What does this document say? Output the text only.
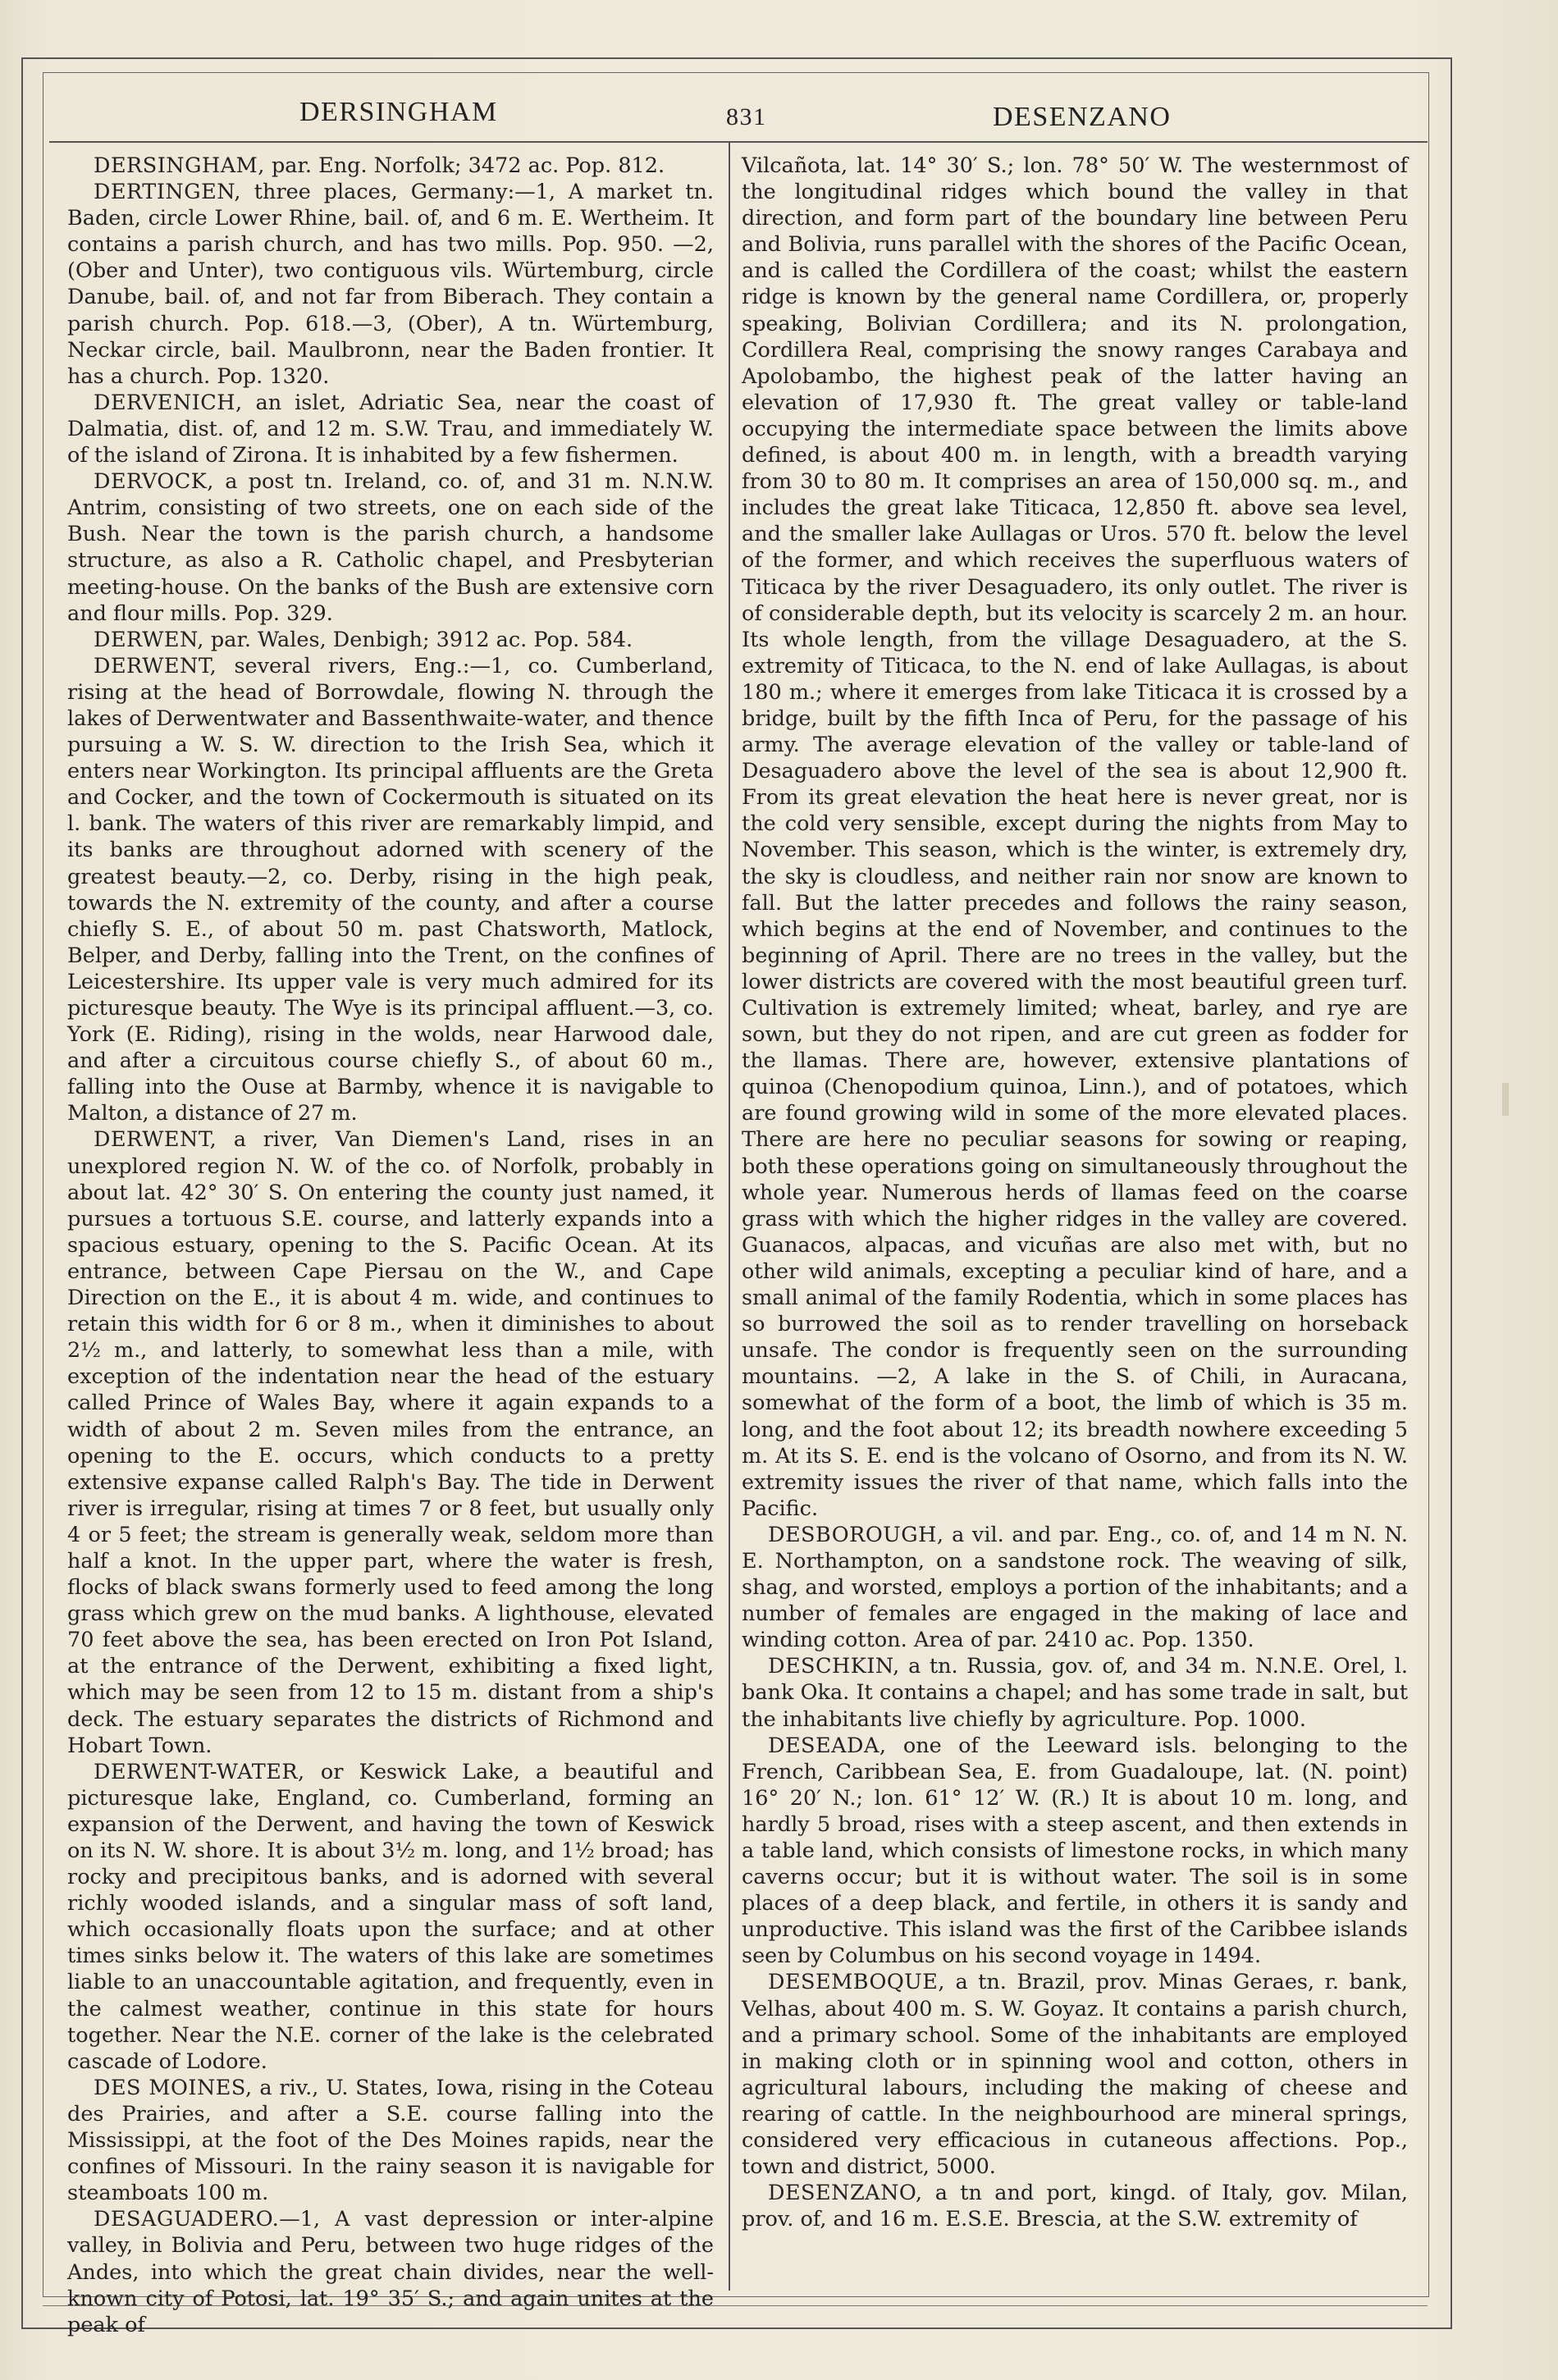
DERSINGHAM	831	DESENZANO

DERSINGHAM, par. Eng. Norfolk; 3472 ac. Pop. 812.

DERTINGEN, three places, Germany:—1, A market tn. Baden, circle Lower Rhine, bail. of, and 6 m. E. Wertheim. It contains a parish church, and has two mills. Pop. 950. —2, (Ober and Unter), two contiguous vils. Würtemburg, circle Danube, bail. of, and not far from Biberach. They contain a parish church. Pop. 618.—3, (Ober), A tn. Würtemburg, Neckar circle, bail. Maulbronn, near the Baden frontier. It has a church. Pop. 1320.

DERVENICH, an islet, Adriatic Sea, near the coast of Dalmatia, dist. of, and 12 m. S.W. Trau, and immediately W. of the island of Zirona. It is inhabited by a few fishermen.

DERVOCK, a post tn. Ireland, co. of, and 31 m. N.N.W. Antrim, consisting of two streets, one on each side of the Bush. Near the town is the parish church, a handsome structure, as also a R. Catholic chapel, and Presbyterian meeting-house. On the banks of the Bush are extensive corn and flour mills. Pop. 329.

DERWEN, par. Wales, Denbigh; 3912 ac. Pop. 584.

DERWENT, several rivers, Eng.:—1, co. Cumberland, rising at the head of Borrowdale, flowing N. through the lakes of Derwentwater and Bassenthwaite-water, and thence pursuing a W. S. W. direction to the Irish Sea, which it enters near Workington. Its principal affluents are the Greta and Cocker, and the town of Cockermouth is situated on its l. bank. The waters of this river are remarkably limpid, and its banks are throughout adorned with scenery of the greatest beauty.—2, co. Derby, rising in the high peak, towards the N. extremity of the county, and after a course chiefly S. E., of about 50 m. past Chatsworth, Matlock, Belper, and Derby, falling into the Trent, on the confines of Leicestershire. Its upper vale is very much admired for its picturesque beauty. The Wye is its principal affluent.—3, co. York (E. Riding), rising in the wolds, near Harwood dale, and after a circuitous course chiefly S., of about 60 m., falling into the Ouse at Barmby, whence it is navigable to Malton, a distance of 27 m.

DERWENT, a river, Van Diemen's Land, rises in an unexplored region N. W. of the co. of Norfolk, probably in about lat. 42° 30′ S. On entering the county just named, it pursues a tortuous S.E. course, and latterly expands into a spacious estuary, opening to the S. Pacific Ocean. At its entrance, between Cape Piersau on the W., and Cape Direction on the E., it is about 4 m. wide, and continues to retain this width for 6 or 8 m., when it diminishes to about 2½ m., and latterly, to somewhat less than a mile, with exception of the indentation near the head of the estuary called Prince of Wales Bay, where it again expands to a width of about 2 m. Seven miles from the entrance, an opening to the E. occurs, which conducts to a pretty extensive expanse called Ralph's Bay. The tide in Derwent river is irregular, rising at times 7 or 8 feet, but usually only 4 or 5 feet; the stream is generally weak, seldom more than half a knot. In the upper part, where the water is fresh, flocks of black swans formerly used to feed among the long grass which grew on the mud banks. A lighthouse, elevated 70 feet above the sea, has been erected on Iron Pot Island, at the entrance of the Derwent, exhibiting a fixed light, which may be seen from 12 to 15 m. distant from a ship's deck. The estuary separates the districts of Richmond and Hobart Town.

DERWENT-WATER, or Keswick Lake, a beautiful and picturesque lake, England, co. Cumberland, forming an expansion of the Derwent, and having the town of Keswick on its N. W. shore. It is about 3½ m. long, and 1½ broad; has rocky and precipitous banks, and is adorned with several richly wooded islands, and a singular mass of soft land, which occasionally floats upon the surface; and at other times sinks below it. The waters of this lake are sometimes liable to an unaccountable agitation, and frequently, even in the calmest weather, continue in this state for hours together. Near the N.E. corner of the lake is the celebrated cascade of Lodore.

DES MOINES, a riv., U. States, Iowa, rising in the Coteau des Prairies, and after a S.E. course falling into the Mississippi, at the foot of the Des Moines rapids, near the confines of Missouri. In the rainy season it is navigable for steamboats 100 m.

DESAGUADERO.—1, A vast depression or inter-alpine valley, in Bolivia and Peru, between two huge ridges of the Andes, into which the great chain divides, near the well-known city of Potosi, lat. 19° 35′ S.; and again unites at the peak of

Vilcañota, lat. 14° 30′ S.; lon. 78° 50′ W. The westernmost of the longitudinal ridges which bound the valley in that direction, and form part of the boundary line between Peru and Bolivia, runs parallel with the shores of the Pacific Ocean, and is called the Cordillera of the coast; whilst the eastern ridge is known by the general name Cordillera, or, properly speaking, Bolivian Cordillera; and its N. prolongation, Cordillera Real, comprising the snowy ranges Carabaya and Apolobambo, the highest peak of the latter having an elevation of 17,930 ft. The great valley or table-land occupying the intermediate space between the limits above defined, is about 400 m. in length, with a breadth varying from 30 to 80 m. It comprises an area of 150,000 sq. m., and includes the great lake Titicaca, 12,850 ft. above sea level, and the smaller lake Aullagas or Uros. 570 ft. below the level of the former, and which receives the superfluous waters of Titicaca by the river Desaguadero, its only outlet. The river is of considerable depth, but its velocity is scarcely 2 m. an hour. Its whole length, from the village Desaguadero, at the S. extremity of Titicaca, to the N. end of lake Aullagas, is about 180 m.; where it emerges from lake Titicaca it is crossed by a bridge, built by the fifth Inca of Peru, for the passage of his army. The average elevation of the valley or table-land of Desaguadero above the level of the sea is about 12,900 ft. From its great elevation the heat here is never great, nor is the cold very sensible, except during the nights from May to November. This season, which is the winter, is extremely dry, the sky is cloudless, and neither rain nor snow are known to fall. But the latter precedes and follows the rainy season, which begins at the end of November, and continues to the beginning of April. There are no trees in the valley, but the lower districts are covered with the most beautiful green turf. Cultivation is extremely limited; wheat, barley, and rye are sown, but they do not ripen, and are cut green as fodder for the llamas. There are, however, extensive plantations of quinoa (Chenopodium quinoa, Linn.), and of potatoes, which are found growing wild in some of the more elevated places. There are here no peculiar seasons for sowing or reaping, both these operations going on simultaneously throughout the whole year. Numerous herds of llamas feed on the coarse grass with which the higher ridges in the valley are covered. Guanacos, alpacas, and vicuñas are also met with, but no other wild animals, excepting a peculiar kind of hare, and a small animal of the family Rodentia, which in some places has so burrowed the soil as to render travelling on horseback unsafe. The condor is frequently seen on the surrounding mountains. —2, A lake in the S. of Chili, in Auracana, somewhat of the form of a boot, the limb of which is 35 m. long, and the foot about 12; its breadth nowhere exceeding 5 m. At its S. E. end is the volcano of Osorno, and from its N. W. extremity issues the river of that name, which falls into the Pacific.

DESBOROUGH, a vil. and par. Eng., co. of, and 14 m N. N. E. Northampton, on a sandstone rock. The weaving of silk, shag, and worsted, employs a portion of the inhabitants; and a number of females are engaged in the making of lace and winding cotton. Area of par. 2410 ac. Pop. 1350.

DESCHKIN, a tn. Russia, gov. of, and 34 m. N.N.E. Orel, l. bank Oka. It contains a chapel; and has some trade in salt, but the inhabitants live chiefly by agriculture. Pop. 1000.

DESEADA, one of the Leeward isls. belonging to the French, Caribbean Sea, E. from Guadaloupe, lat. (N. point) 16° 20′ N.; lon. 61° 12′ W. (R.) It is about 10 m. long, and hardly 5 broad, rises with a steep ascent, and then extends in a table land, which consists of limestone rocks, in which many caverns occur; but it is without water. The soil is in some places of a deep black, and fertile, in others it is sandy and unproductive. This island was the first of the Caribbee islands seen by Columbus on his second voyage in 1494.

DESEMBOQUE, a tn. Brazil, prov. Minas Geraes, r. bank, Velhas, about 400 m. S. W. Goyaz. It contains a parish church, and a primary school. Some of the inhabitants are employed in making cloth or in spinning wool and cotton, others in agricultural labours, including the making of cheese and rearing of cattle. In the neighbourhood are mineral springs, considered very efficacious in cutaneous affections. Pop., town and district, 5000.

DESENZANO, a tn and port, kingd. of Italy, gov. Milan, prov. of, and 16 m. E.S.E. Brescia, at the S.W. extremity of
